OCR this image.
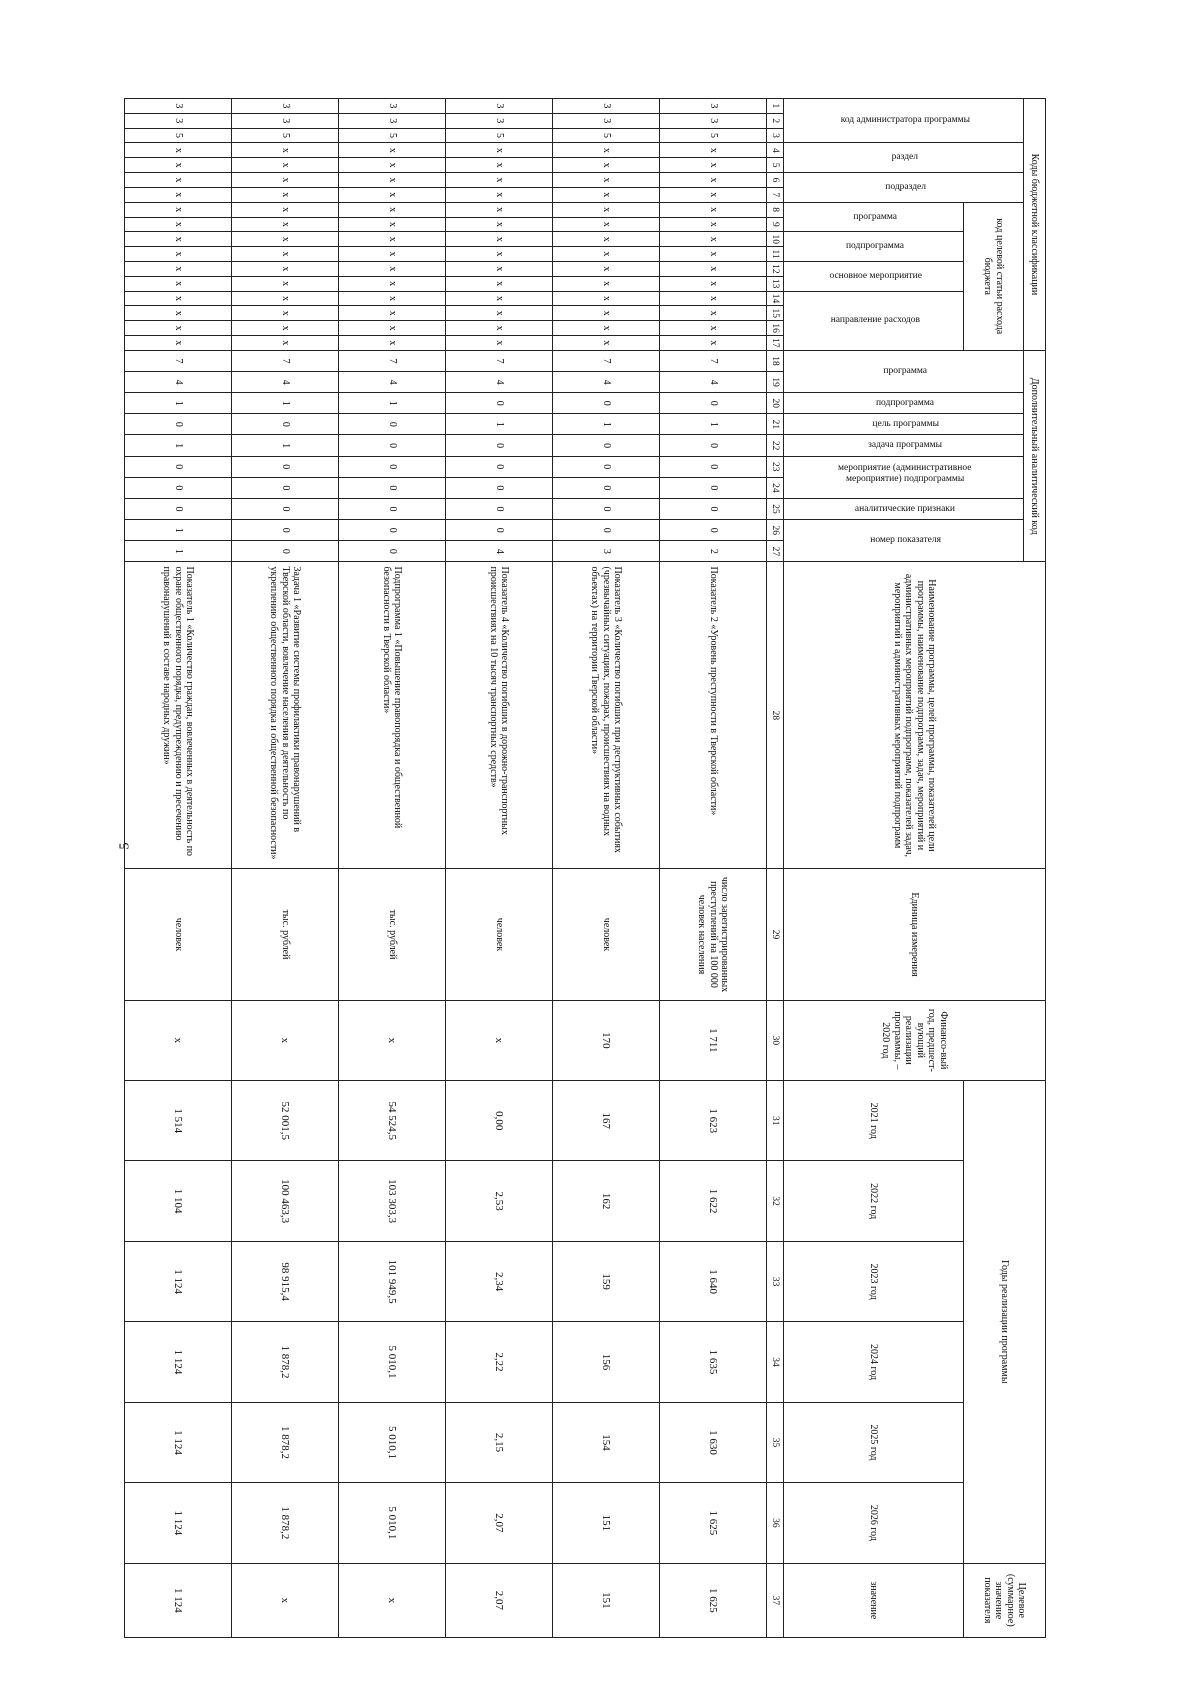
5
Коды бюджетной классификации																	Дополнительный аналитический код										Наименование программы, целей программы, показателей цели программы, наименование подпрограмм, задач, мероприятий и административных мероприятий подпрограмм, показателей задач, мероприятий и административных мероприятий подпрограмм	Единица измерения	Финансо-вый год, предшест-вующий реализации программы, – 2020 год	Годы реализации программы						Целевое (суммарное) значение показателя
код администратора программы			раздел		подраздел		код целевой статьи расхода бюджета										программа		подпрограмма	цель программы	задача программы	мероприятие (административное мероприятие) подпрограммы		аналитические признаки	номер показателя											
							программа		подпрограмма		основное мероприятие		направление расходов																	2021 год	2022 год	2023 год	2024 год	2025 год	2026 год	значение
1	2	3	4	5	6	7	8	9	10	11	12	13	14	15	16	17	18	19	20	21	22	23	24	25	26	27	28	29	30	31	32	33	34	35	36	37
3	3	5	х	х	х	х	х	х	х	х	х	х	х	х	х	х	7	4	0	1	0	0	0	0	0	2	Показатель 2 «Уровень преступности в Тверской области»	число зарегистрированных преступлений на 100 000 человек населения	1 711	1 623	1 622	1 640	1 635	1 630	1 625	1 625
3	3	5	х	х	х	х	х	х	х	х	х	х	х	х	х	х	7	4	0	1	0	0	0	0	0	3	Показатель 3 «Количество погибших при деструктивных событиях (чрезвычайных ситуациях, пожарах, происшествиях на водных объектах) на территории Тверской области»	человек	170	167	162	159	156	154	151	151
3	3	5	х	х	х	х	х	х	х	х	х	х	х	х	х	х	7	4	0	1	0	0	0	0	0	4	Показатель 4 «Количество погибших в дорожно-транспортных происшествиях на 10 тысяч транспортных средств»	человек	х	0,00	2,53	2,34	2,22	2,15	2,07	2,07
3	3	5	х	х	х	х	х	х	х	х	х	х	х	х	х	х	7	4	1	0	0	0	0	0	0	0	Подпрограмма 1 «Повышение правопорядка и общественной безопасности в Тверской области»	тыс. рублей	х	54 524,5	103 303,3	101 949,5	5 010,1	5 010,1	5 010,1	х
3	3	5	х	х	х	х	х	х	х	х	х	х	х	х	х	х	7	4	1	0	1	0	0	0	0	0	Задача 1 «Развитие системы профилактики правонарушений в Тверской области, вовлечение населения в деятельность по укреплению общественного порядка и общественной безопасности»	тыс. рублей	х	52 001,5	100 463,3	98 915,4	1 878,2	1 878,2	1 878,2	х
3	3	5	х	х	х	х	х	х	х	х	х	х	х	х	х	х	7	4	1	0	1	0	0	0	1	1	Показатель 1 «Количество граждан, вовлеченных в деятельность по охране общественного порядка, предупреждению и пресечению правонарушений в составе народных дружин»	человек	х	1 514	1 104	1 124	1 124	1 124	1 124	1 124
